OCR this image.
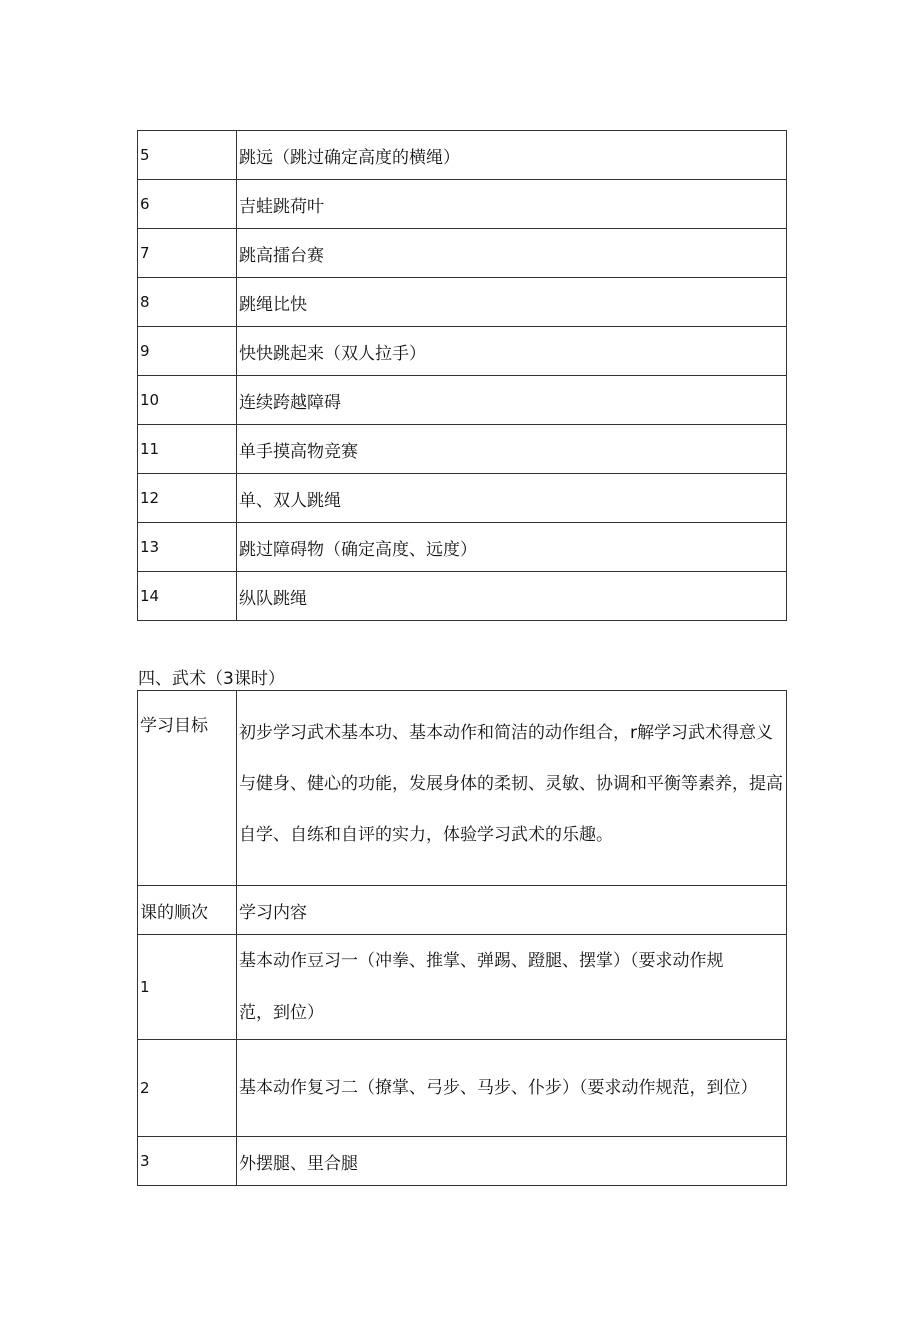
5	跳远（跳过确定高度的横绳）
6	吉蛙跳荷叶
7	跳高擂台赛
8	跳绳比快
9	快快跳起来（双人拉手）
10	连续跨越障碍
11	单手摸高物竞赛
12	单、双人跳绳
13	跳过障碍物（确定高度、远度）
14	纵队跳绳
四、武术（3课时）
学习目标	初步学习武术基本功、基本动作和简洁的动作组合，r解学习武术得意义与健身、健心的功能，发展身体的柔韧、灵敏、协调和平衡等素养，提高自学、自练和自评的实力，体验学习武术的乐趣。
课的顺次	学习内容
1	基本动作豆习一（冲拳、推掌、弹踢、蹬腿、摆掌）（要求动作规范，到位）
2	基本动作复习二（撩掌、弓步、马步、仆步）（要求动作规范，到位）
3	外摆腿、里合腿
